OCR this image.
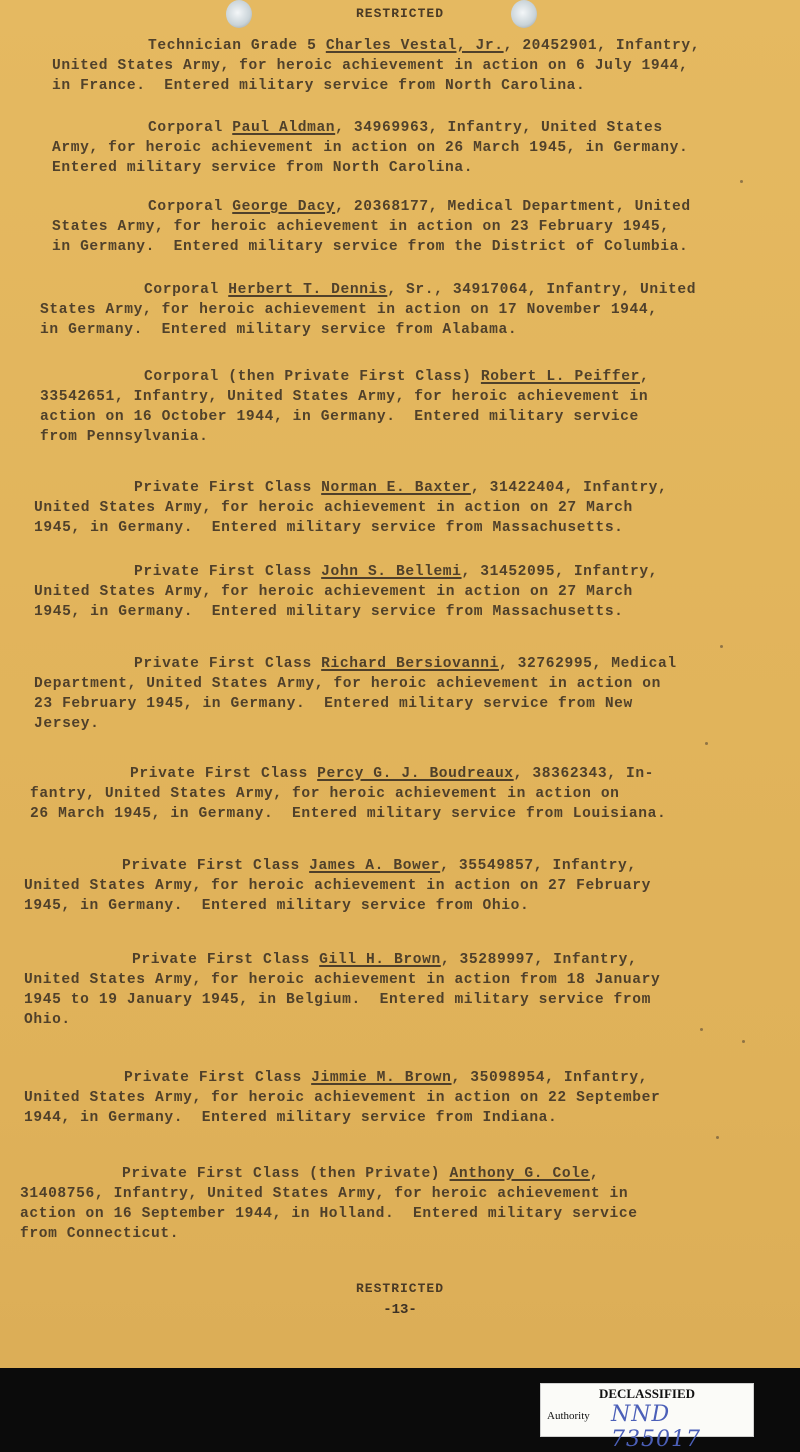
RESTRICTED
Technician Grade 5 Charles Vestal, Jr., 20452901, Infantry,
United States Army, for heroic achievement in action on 6 July 1944,
in France.  Entered military service from North Carolina.
Corporal Paul Aldman, 34969963, Infantry, United States
Army, for heroic achievement in action on 26 March 1945, in Germany.
Entered military service from North Carolina.
Corporal George Dacy, 20368177, Medical Department, United
States Army, for heroic achievement in action on 23 February 1945,
in Germany.  Entered military service from the District of Columbia.
Corporal Herbert T. Dennis, Sr., 34917064, Infantry, United
States Army, for heroic achievement in action on 17 November 1944,
in Germany.  Entered military service from Alabama.
Corporal (then Private First Class) Robert L. Peiffer,
33542651, Infantry, United States Army, for heroic achievement in
action on 16 October 1944, in Germany.  Entered military service
from Pennsylvania.
Private First Class Norman E. Baxter, 31422404, Infantry,
United States Army, for heroic achievement in action on 27 March
1945, in Germany.  Entered military service from Massachusetts.
Private First Class John S. Bellemi, 31452095, Infantry,
United States Army, for heroic achievement in action on 27 March
1945, in Germany.  Entered military service from Massachusetts.
Private First Class Richard Bersiovanni, 32762995, Medical
Department, United States Army, for heroic achievement in action on
23 February 1945, in Germany.  Entered military service from New
Jersey.
Private First Class Percy G. J. Boudreaux, 38362343, In-
fantry, United States Army, for heroic achievement in action on
26 March 1945, in Germany.  Entered military service from Louisiana.
Private First Class James A. Bower, 35549857, Infantry,
United States Army, for heroic achievement in action on 27 February
1945, in Germany.  Entered military service from Ohio.
Private First Class Gill H. Brown, 35289997, Infantry,
United States Army, for heroic achievement in action from 18 January
1945 to 19 January 1945, in Belgium.  Entered military service from
Ohio.
Private First Class Jimmie M. Brown, 35098954, Infantry,
United States Army, for heroic achievement in action on 22 September
1944, in Germany.  Entered military service from Indiana.
Private First Class (then Private) Anthony G. Cole,
31408756, Infantry, United States Army, for heroic achievement in
action on 16 September 1944, in Holland.  Entered military service
from Connecticut.
RESTRICTED
-13-
DECLASSIFIED
Authority NND 735017
